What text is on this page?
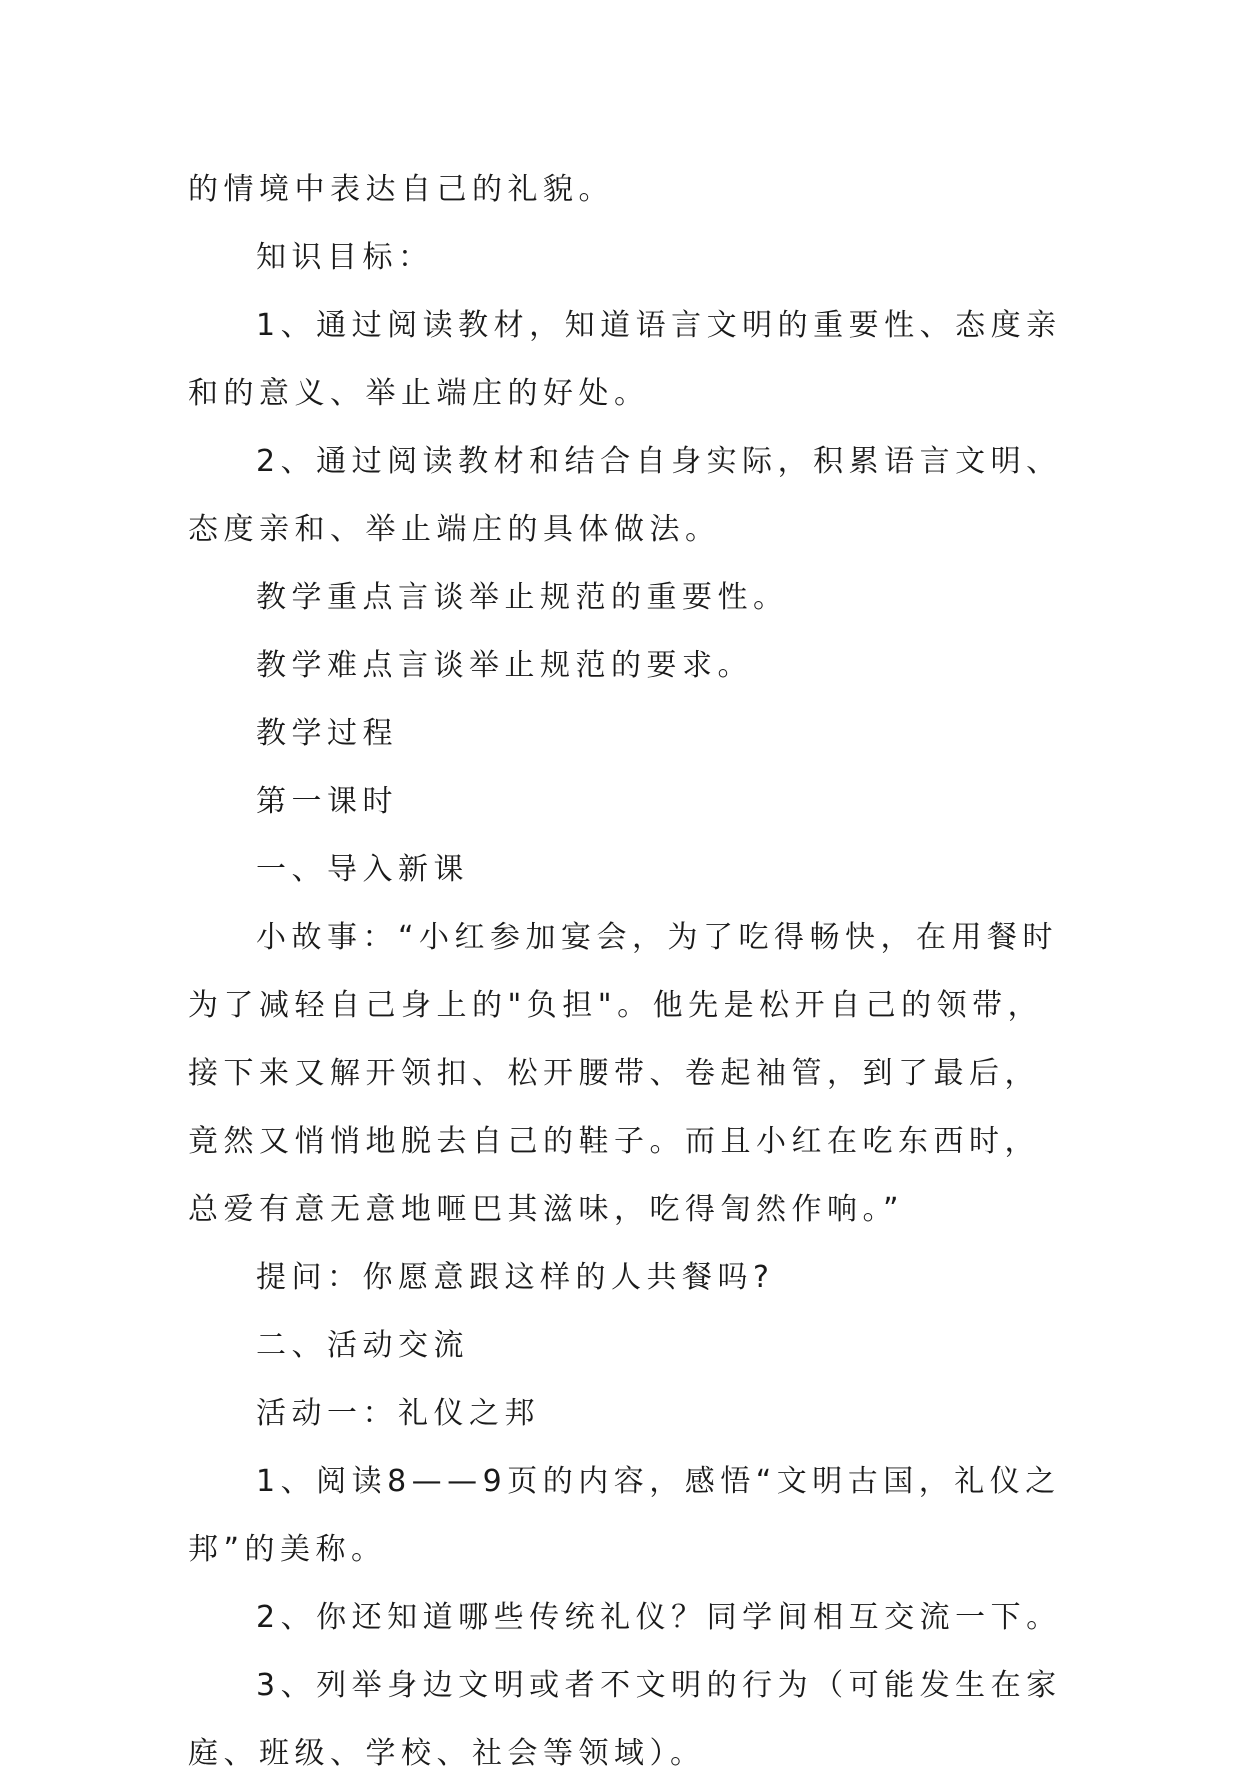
的情境中表达自己的礼貌。

知识目标：

1、通过阅读教材，知道语言文明的重要性、态度亲和的意义、举止端庄的好处。

2、通过阅读教材和结合自身实际，积累语言文明、态度亲和、举止端庄的具体做法。

教学重点言谈举止规范的重要性。

教学难点言谈举止规范的要求。

教学过程

第一课时

一、导入新课

小故事：“小红参加宴会，为了吃得畅快，在用餐时为了减轻自己身上的"负担"。他先是松开自己的领带，接下来又解开领扣、松开腰带、卷起袖管，到了最后，竟然又悄悄地脱去自己的鞋子。而且小红在吃东西时，总爱有意无意地咂巴其滋味，吃得訇然作响。”

提问：你愿意跟这样的人共餐吗?

二、活动交流

活动一：礼仪之邦

1、阅读8——9页的内容，感悟“文明古国，礼仪之邦”的美称。

2、你还知道哪些传统礼仪？同学间相互交流一下。

3、列举身边文明或者不文明的行为（可能发生在家庭、班级、学校、社会等领域）。
